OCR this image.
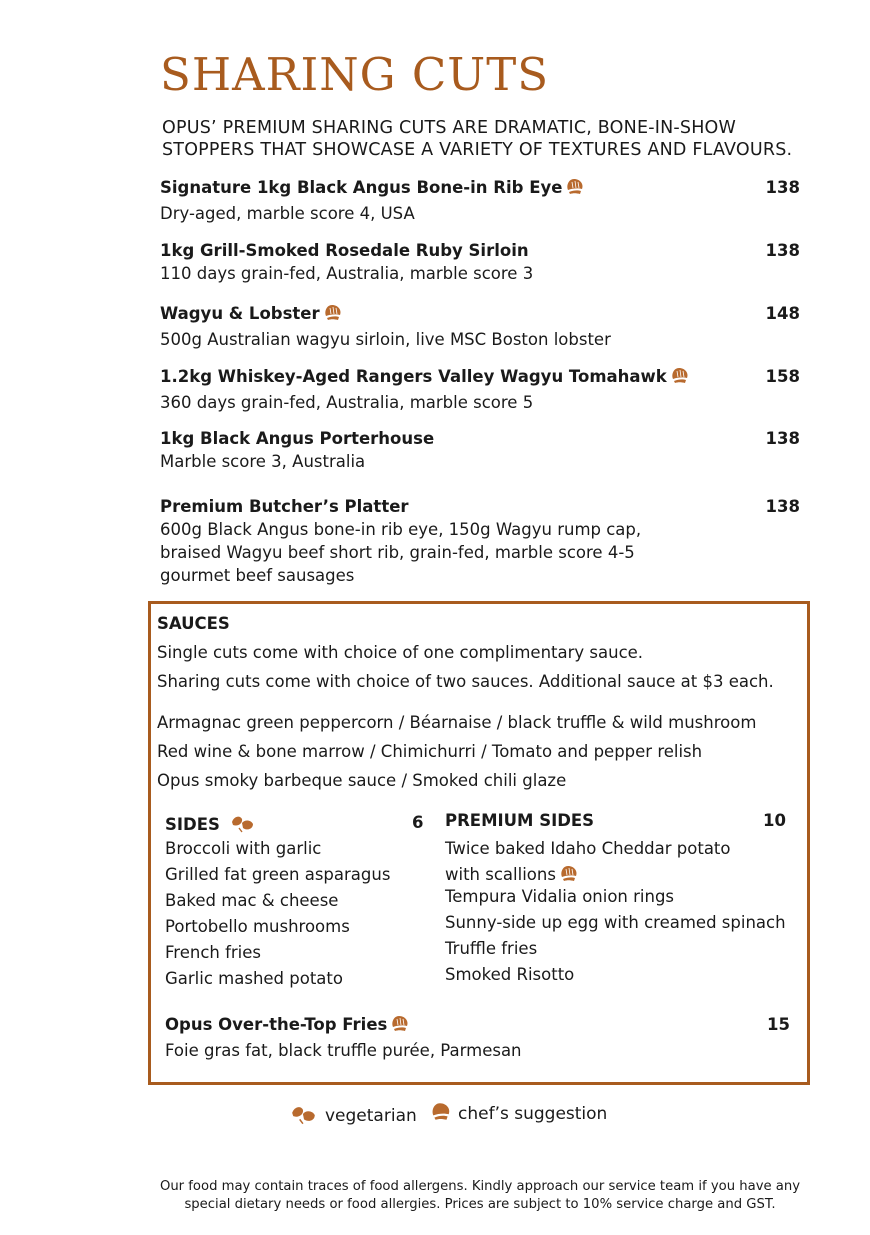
SHARING CUTS
OPUS’ PREMIUM SHARING CUTS ARE DRAMATIC, BONE-IN-SHOW STOPPERS THAT SHOWCASE A VARIETY OF TEXTURES AND FLAVOURS.
Signature 1kg Black Angus Bone-in Rib Eye
Dry-aged, marble score 4, USA
138
1kg Grill-Smoked Rosedale Ruby Sirloin
110 days grain-fed, Australia, marble score 3
138
Wagyu & Lobster
500g Australian wagyu sirloin, live MSC Boston lobster
148
1.2kg Whiskey-Aged Rangers Valley Wagyu Tomahawk
360 days grain-fed, Australia, marble score 5
158
1kg Black Angus Porterhouse
Marble score 3, Australia
138
Premium Butcher’s Platter
600g Black Angus bone-in rib eye, 150g Wagyu rump cap,
braised Wagyu beef short rib, grain-fed, marble score 4-5
gourmet beef sausages
138
SAUCES
Single cuts come with choice of one complimentary sauce.
Sharing cuts come with choice of two sauces. Additional sauce at $3 each.
Armagnac green peppercorn / Béarnaise / black truffle & wild mushroom
Red wine & bone marrow / Chimichurri / Tomato and pepper relish
Opus smoky barbeque sauce / Smoked chili glaze
SIDES	6
Broccoli with garlic
Grilled fat green asparagus
Baked mac & cheese
Portobello mushrooms
French fries
Garlic mashed potato
PREMIUM SIDES	10
Twice baked Idaho Cheddar potato
with scallions
Tempura Vidalia onion rings
Sunny-side up egg with creamed spinach
Truffle fries
Smoked Risotto
Opus Over-the-Top Fries	15
Foie gras fat, black truffle purée, Parmesan
vegetarian chef’s suggestion
Our food may contain traces of food allergens. Kindly approach our service team if you have any
special dietary needs or food allergies. Prices are subject to 10% service charge and GST.
